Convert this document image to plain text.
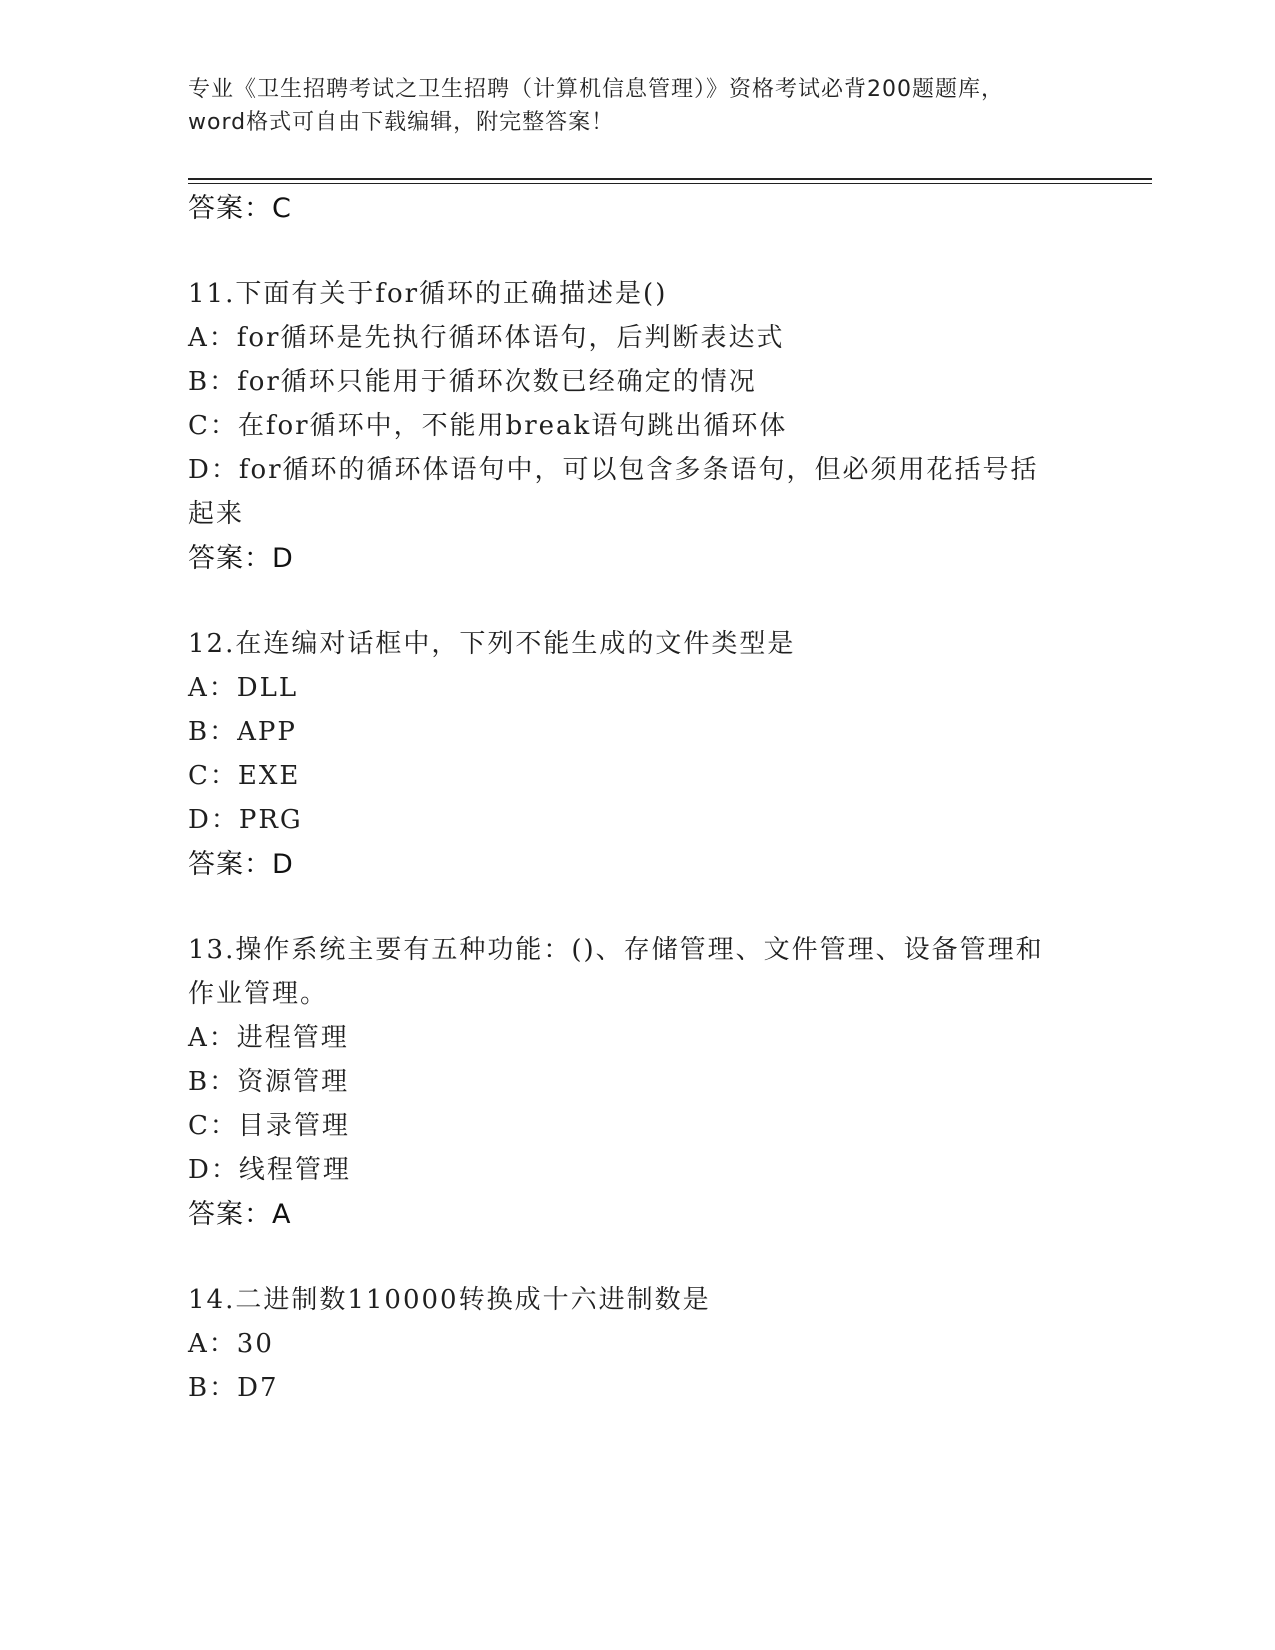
专业《卫生招聘考试之卫生招聘（计算机信息管理）》资格考试必背200题题库，
word格式可自由下载编辑，附完整答案！
答案：C
11.下面有关于for循环的正确描述是()
A：for循环是先执行循环体语句，后判断表达式
B：for循环只能用于循环次数已经确定的情况
C：在for循环中，不能用break语句跳出循环体
D：for循环的循环体语句中，可以包含多条语句，但必须用花括号括
起来
答案：D
12.在连编对话框中，下列不能生成的文件类型是
A：DLL
B：APP
C：EXE
D：PRG
答案：D
13.操作系统主要有五种功能：()、存储管理、文件管理、设备管理和
作业管理。
A：进程管理
B：资源管理
C：目录管理
D：线程管理
答案：A
14.二进制数110000转换成十六进制数是
A：30
B：D7
